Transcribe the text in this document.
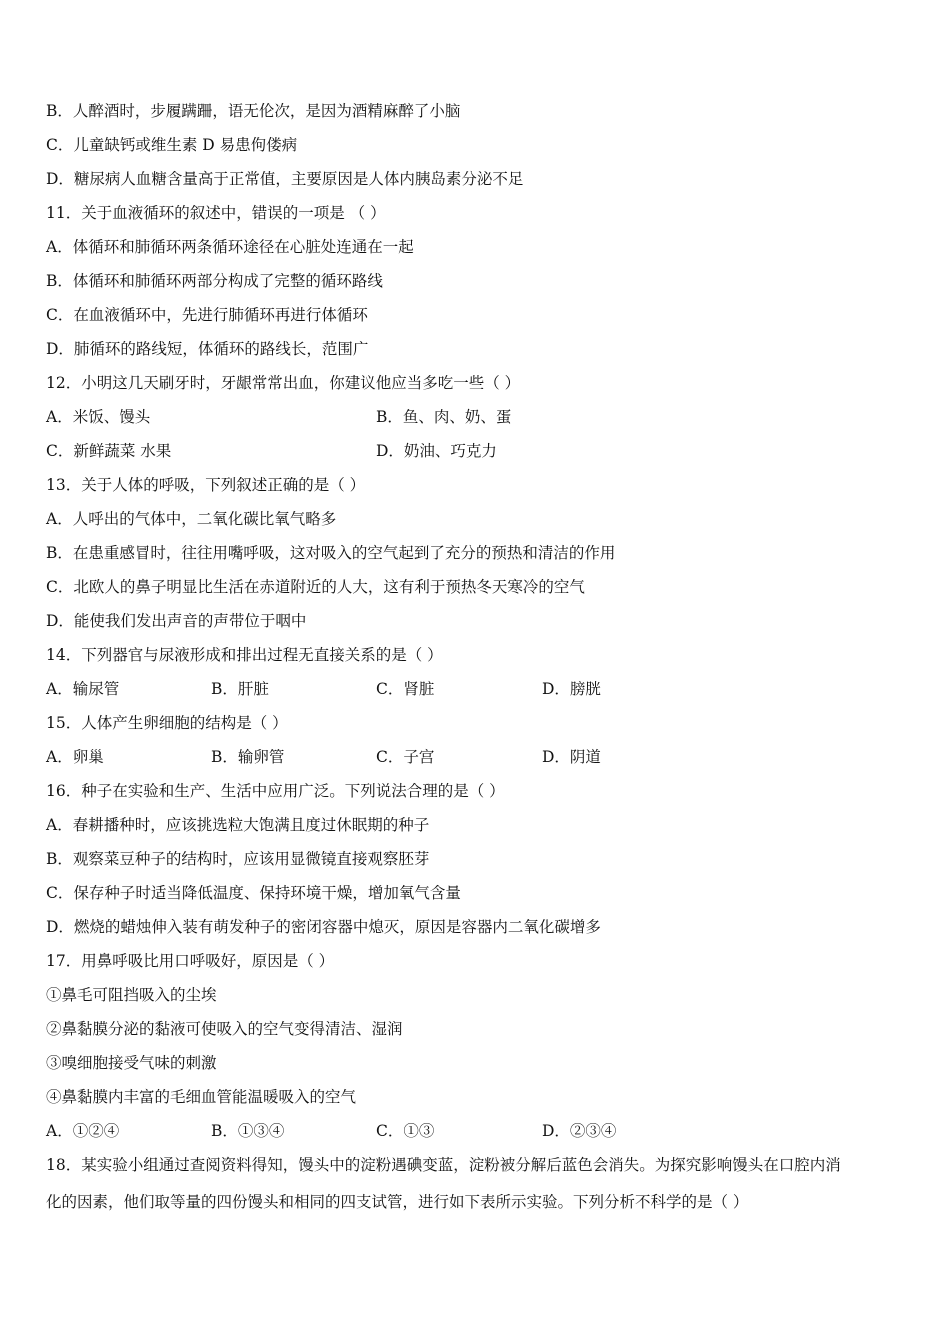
B．人醉酒时，步履蹒跚，语无伦次，是因为酒精麻醉了小脑
C．儿童缺钙或维生素 D 易患佝偻病
D．糖尿病人血糖含量高于正常值，主要原因是人体内胰岛素分泌不足
11．关于血液循环的叙述中，错误的一项是 （ ）
A．体循环和肺循环两条循环途径在心脏处连通在一起
B．体循环和肺循环两部分构成了完整的循环路线
C．在血液循环中，先进行肺循环再进行体循环
D．肺循环的路线短，体循环的路线长，范围广
12．小明这几天刷牙时，牙龈常常出血，你建议他应当多吃一些（ ）
A．米饭、馒头	B．鱼、肉、奶、蛋
C．新鲜蔬菜 水果	D．奶油、巧克力
13．关于人体的呼吸，下列叙述正确的是（ ）
A．人呼出的气体中，二氧化碳比氧气略多
B．在患重感冒时，往往用嘴呼吸，这对吸入的空气起到了充分的预热和清洁的作用
C．北欧人的鼻子明显比生活在赤道附近的人大，这有利于预热冬天寒冷的空气
D．能使我们发出声音的声带位于咽中
14．下列器官与尿液形成和排出过程无直接关系的是（ ）
A．输尿管	B．肝脏	C．肾脏	D．膀胱
15．人体产生卵细胞的结构是（ ）
A．卵巢	B．输卵管	C．子宫	D．阴道
16．种子在实验和生产、生活中应用广泛。下列说法合理的是（ ）
A．春耕播种时，应该挑选粒大饱满且度过休眠期的种子
B．观察菜豆种子的结构时，应该用显微镜直接观察胚芽
C．保存种子时适当降低温度、保持环境干燥，增加氧气含量
D．燃烧的蜡烛伸入装有萌发种子的密闭容器中熄灭，原因是容器内二氧化碳增多
17．用鼻呼吸比用口呼吸好，原因是（ ）
①鼻毛可阻挡吸入的尘埃
②鼻黏膜分泌的黏液可使吸入的空气变得清洁、湿润
③嗅细胞接受气味的刺激
④鼻黏膜内丰富的毛细血管能温暖吸入的空气
A．①②④	B．①③④	C．①③	D．②③④
18．某实验小组通过查阅资料得知，馒头中的淀粉遇碘变蓝，淀粉被分解后蓝色会消失。为探究影响馒头在口腔内消
化的因素，他们取等量的四份馒头和相同的四支试管，进行如下表所示实验。下列分析不科学的是（ ）
